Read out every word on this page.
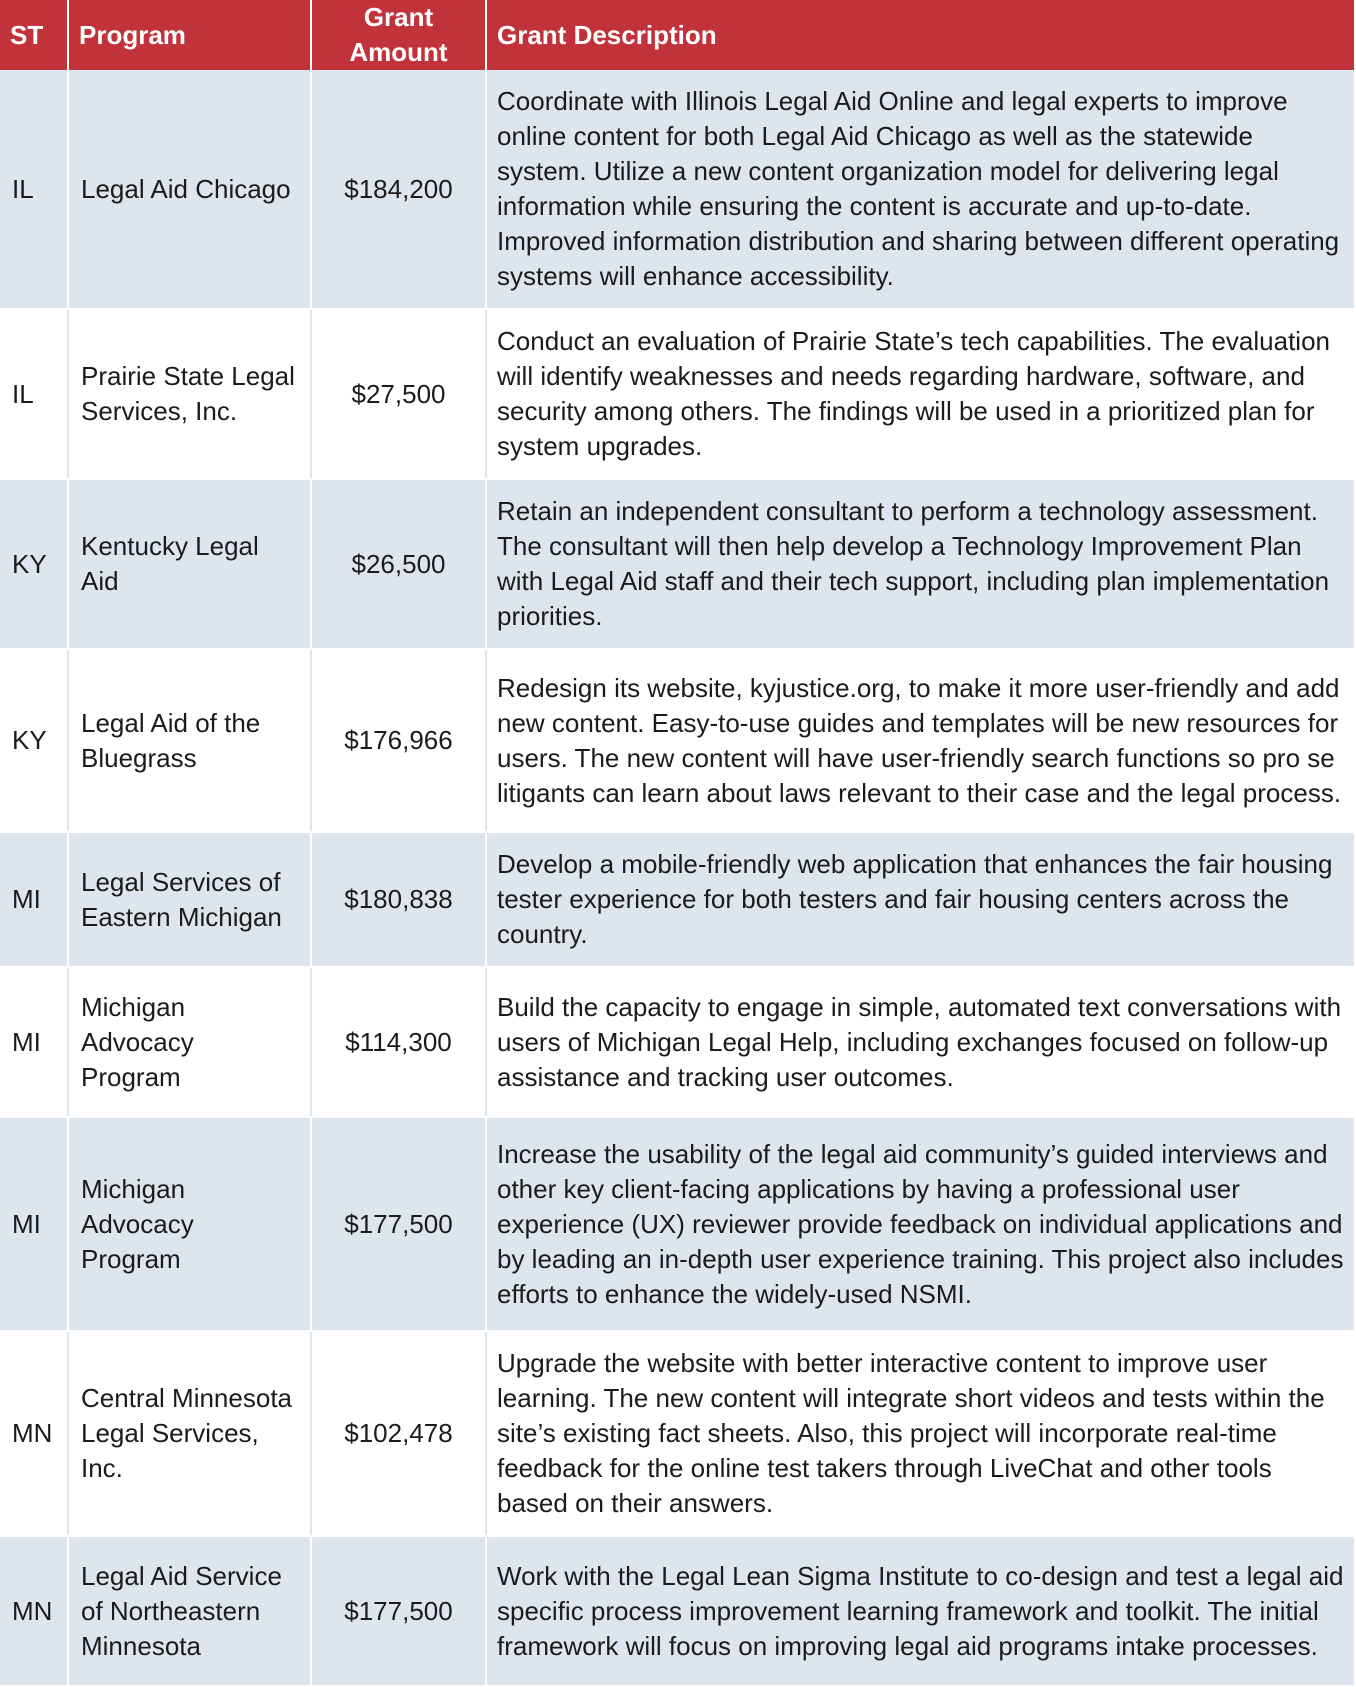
ST	Program	Grant Amount	Grant Description
IL	Legal Aid Chicago	$184,200	Coordinate with Illinois Legal Aid Online and legal experts to improve online content for both Legal Aid Chicago as well as the statewide system. Utilize a new content organization model for delivering legal information while ensuring the content is accurate and up-to-date. Improved information distribution and sharing between different operating systems will enhance accessibility.
IL	Prairie State Legal Services, Inc.	$27,500	Conduct an evaluation of Prairie State’s tech capabilities. The evaluation will identify weaknesses and needs regarding hardware, software, and security among others. The findings will be used in a prioritized plan for system upgrades.
KY	Kentucky Legal Aid	$26,500	Retain an independent consultant to perform a technology assessment. The consultant will then help develop a Technology Improvement Plan with Legal Aid staff and their tech support, including plan implementation priorities.
KY	Legal Aid of the Bluegrass	$176,966	Redesign its website, kyjustice.org, to make it more user-friendly and add new content. Easy-to-use guides and templates will be new resources for users. The new content will have user-friendly search functions so pro se litigants can learn about laws relevant to their case and the legal process.
MI	Legal Services of Eastern Michigan	$180,838	Develop a mobile-friendly web application that enhances the fair housing tester experience for both testers and fair housing centers across the country.
MI	Michigan Advocacy Program	$114,300	Build the capacity to engage in simple, automated text conversations with users of Michigan Legal Help, including exchanges focused on follow-up assistance and tracking user outcomes.
MI	Michigan Advocacy Program	$177,500	Increase the usability of the legal aid community’s guided interviews and other key client-facing applications by having a professional user experience (UX) reviewer provide feedback on individual applications and by leading an in-depth user experience training. This project also includes efforts to enhance the widely-used NSMI.
MN	Central Minnesota Legal Services, Inc.	$102,478	Upgrade the website with better interactive content to improve user learning. The new content will integrate short videos and tests within the site’s existing fact sheets. Also, this project will incorporate real-time feedback for the online test takers through LiveChat and other tools based on their answers.
MN	Legal Aid Service of Northeastern Minnesota	$177,500	Work with the Legal Lean Sigma Institute to co-design and test a legal aid specific process improvement learning framework and toolkit. The initial framework will focus on improving legal aid programs intake processes.
